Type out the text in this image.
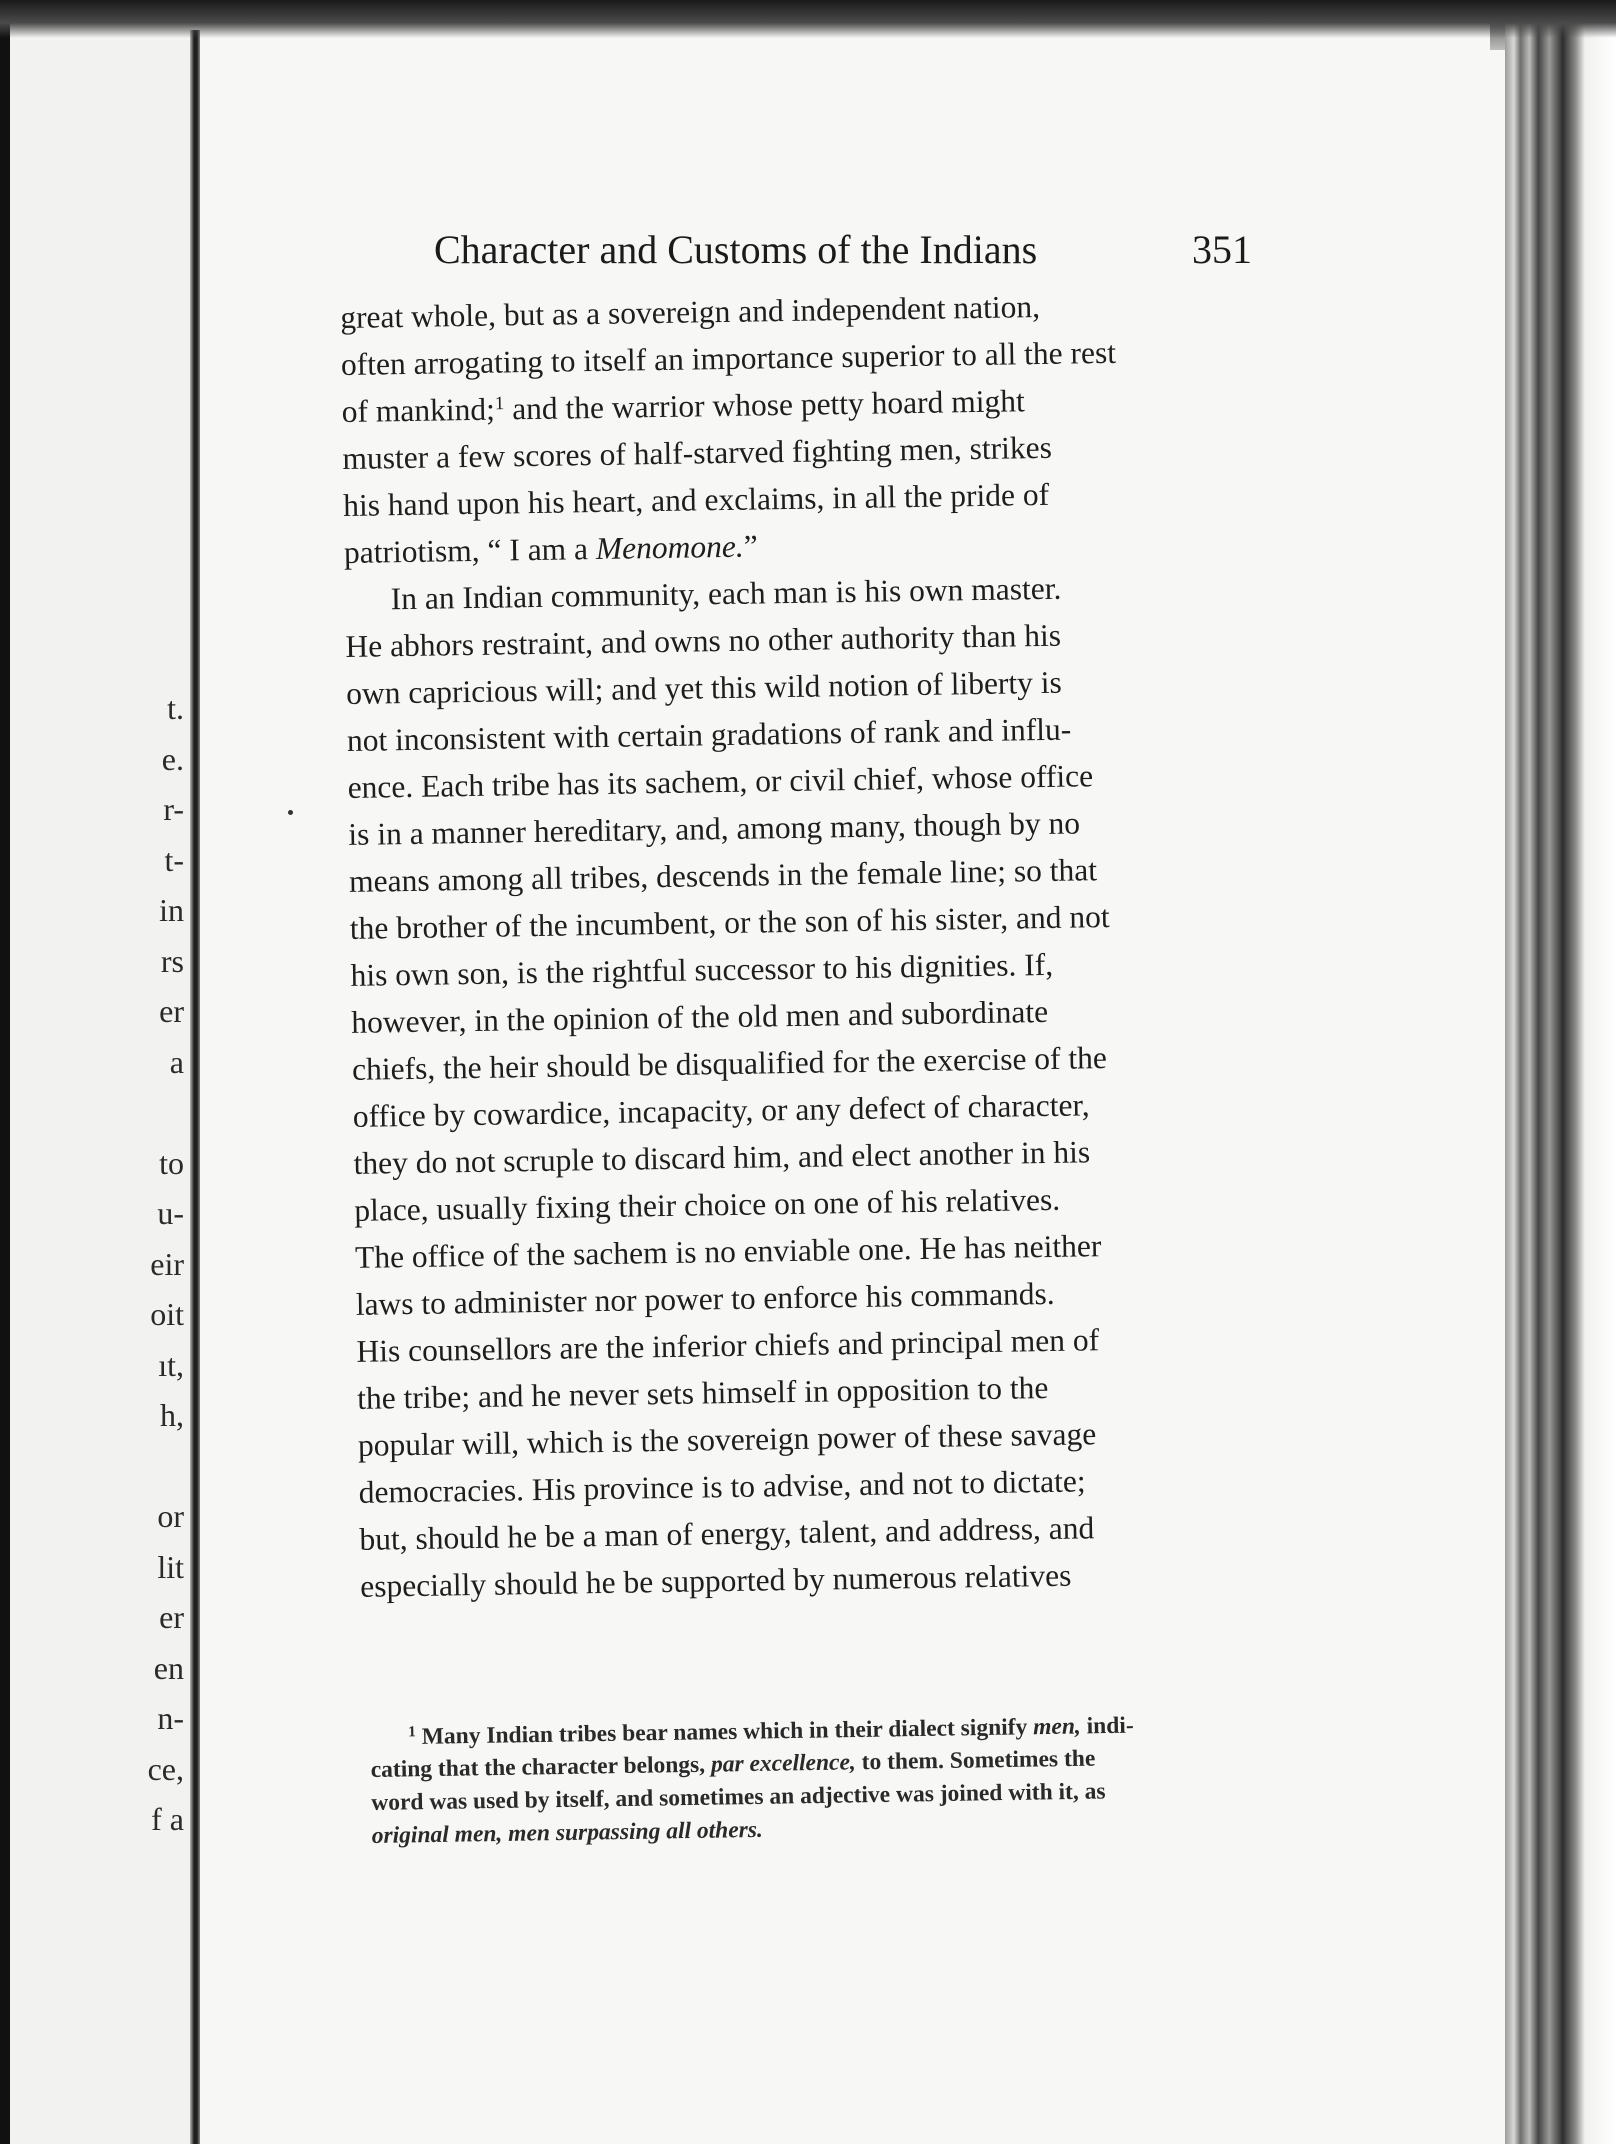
t.
e.
r-
t-
in
rs
er
a
to
u-
eir
oit
ıt,
h,
or
lit
er
en
n-
ce,
f a
Character and Customs of the Indians	351
great whole, but as a sovereign and independent nation,
often arrogating to itself an importance superior to all the rest
of mankind;$^1$ and the warrior whose petty hoard might
muster a few scores of half-starved fighting men, strikes
his hand upon his heart, and exclaims, in all the pride of
patriotism, “ I am a Menomone.”
In an Indian community, each man is his own master.
He abhors restraint, and owns no other authority than his
own capricious will; and yet this wild notion of liberty is
not inconsistent with certain gradations of rank and influ-
ence. Each tribe has its sachem, or civil chief, whose office
is in a manner hereditary, and, among many, though by no
means among all tribes, descends in the female line; so that
the brother of the incumbent, or the son of his sister, and not
his own son, is the rightful successor to his dignities. If,
however, in the opinion of the old men and subordinate
chiefs, the heir should be disqualified for the exercise of the
office by cowardice, incapacity, or any defect of character,
they do not scruple to discard him, and elect another in his
place, usually fixing their choice on one of his relatives.
The office of the sachem is no enviable one. He has neither
laws to administer nor power to enforce his commands.
His counsellors are the inferior chiefs and principal men of
the tribe; and he never sets himself in opposition to the
popular will, which is the sovereign power of these savage
democracies. His province is to advise, and not to dictate;
but, should he be a man of energy, talent, and address, and
especially should he be supported by numerous relatives
$^1$ Many Indian tribes bear names which in their dialect signify men, indi-
cating that the character belongs, par excellence, to them. Sometimes the
word was used by itself, and sometimes an adjective was joined with it, as
original men, men surpassing all others.
